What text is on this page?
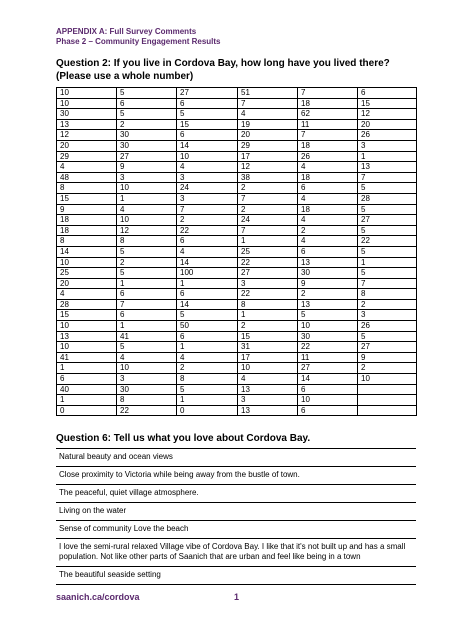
APPENDIX A: Full Survey Comments
Phase 2 – Community Engagement Results
Question 2: If you live in Cordova Bay, how long have you lived there? (Please use a whole number)
10	5	27	51	7	6
10	6	6	7	18	15
30	5	5	4	62	12
13	2	15	19	11	20
12	30	6	20	7	26
20	30	14	29	18	3
29	27	10	17	26	1
4	9	4	12	4	13
48	3	3	38	18	7
8	10	24	2	6	5
15	1	3	7	4	28
9	4	7	2	18	5
18	10	2	24	4	27
18	12	22	7	2	5
8	8	6	1	4	22
14	5	4	25	6	5
10	2	14	22	13	1
25	5	100	27	30	5
20	1	1	3	9	7
4	6	6	22	2	8
28	7	14	8	13	2
15	6	5	1	5	3
10	1	50	2	10	26
13	41	6	15	30	5
10	5	1	31	22	27
41	4	4	17	11	9
1	10	2	10	27	2
6	3	8	4	14	10
40	30	5	13	6	
1	8	1	3	10	
0	22	0	13	6	
Question 6: Tell us what you love about Cordova Bay.
Natural beauty and ocean views
Close proximity to Victoria while being away from the bustle of town.
The peaceful, quiet village atmosphere.
Living on the water
Sense of community Love the beach
I love the semi-rural relaxed Village vibe of Cordova Bay. I like that it's not built up and has a small population. Not like other parts of Saanich that are urban and feel like being in a town
The beautiful seaside setting
saanich.ca/cordova	1
